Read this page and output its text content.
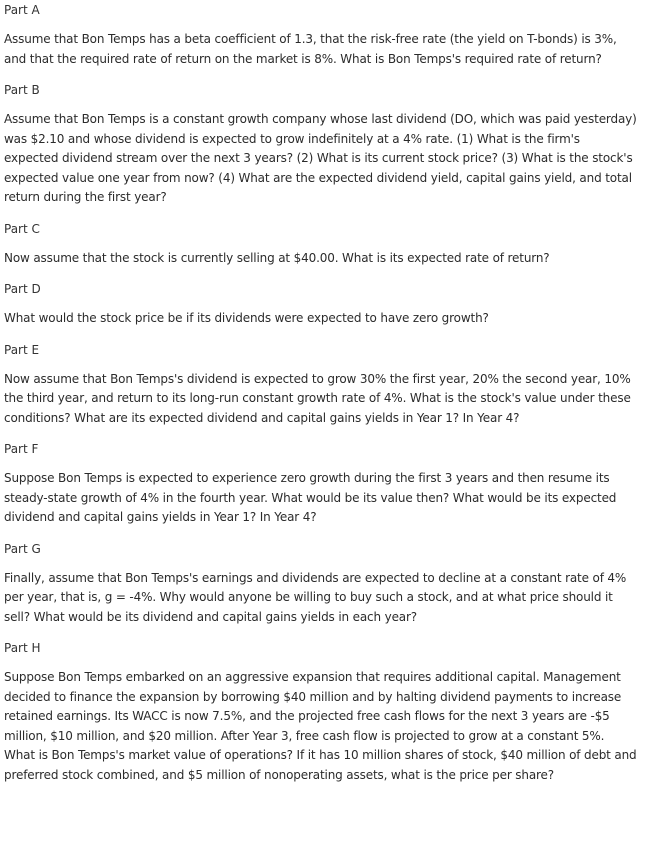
Part A

Assume that Bon Temps has a beta coefficient of 1.3, that the risk-free rate (the yield on T-bonds) is 3%, and that the required rate of return on the market is 8%. What is Bon Temps's required rate of return?

Part B

Assume that Bon Temps is a constant growth company whose last dividend (DO, which was paid yesterday) was $2.10 and whose dividend is expected to grow indefinitely at a 4% rate. (1) What is the firm's expected dividend stream over the next 3 years? (2) What is its current stock price? (3) What is the stock's expected value one year from now? (4) What are the expected dividend yield, capital gains yield, and total return during the first year?

Part C

Now assume that the stock is currently selling at $40.00. What is its expected rate of return?

Part D

What would the stock price be if its dividends were expected to have zero growth?

Part E

Now assume that Bon Temps's dividend is expected to grow 30% the first year, 20% the second year, 10% the third year, and return to its long-run constant growth rate of 4%. What is the stock's value under these conditions? What are its expected dividend and capital gains yields in Year 1? In Year 4?

Part F

Suppose Bon Temps is expected to experience zero growth during the first 3 years and then resume its steady-state growth of 4% in the fourth year. What would be its value then? What would be its expected dividend and capital gains yields in Year 1? In Year 4?

Part G

Finally, assume that Bon Temps's earnings and dividends are expected to decline at a constant rate of 4% per year, that is, g = -4%. Why would anyone be willing to buy such a stock, and at what price should it sell? What would be its dividend and capital gains yields in each year?

Part H

Suppose Bon Temps embarked on an aggressive expansion that requires additional capital. Management decided to finance the expansion by borrowing $40 million and by halting dividend payments to increase retained earnings. Its WACC is now 7.5%, and the projected free cash flows for the next 3 years are -$5 million, $10 million, and $20 million. After Year 3, free cash flow is projected to grow at a constant 5%. What is Bon Temps's market value of operations? If it has 10 million shares of stock, $40 million of debt and preferred stock combined, and $5 million of nonoperating assets, what is the price per share?
